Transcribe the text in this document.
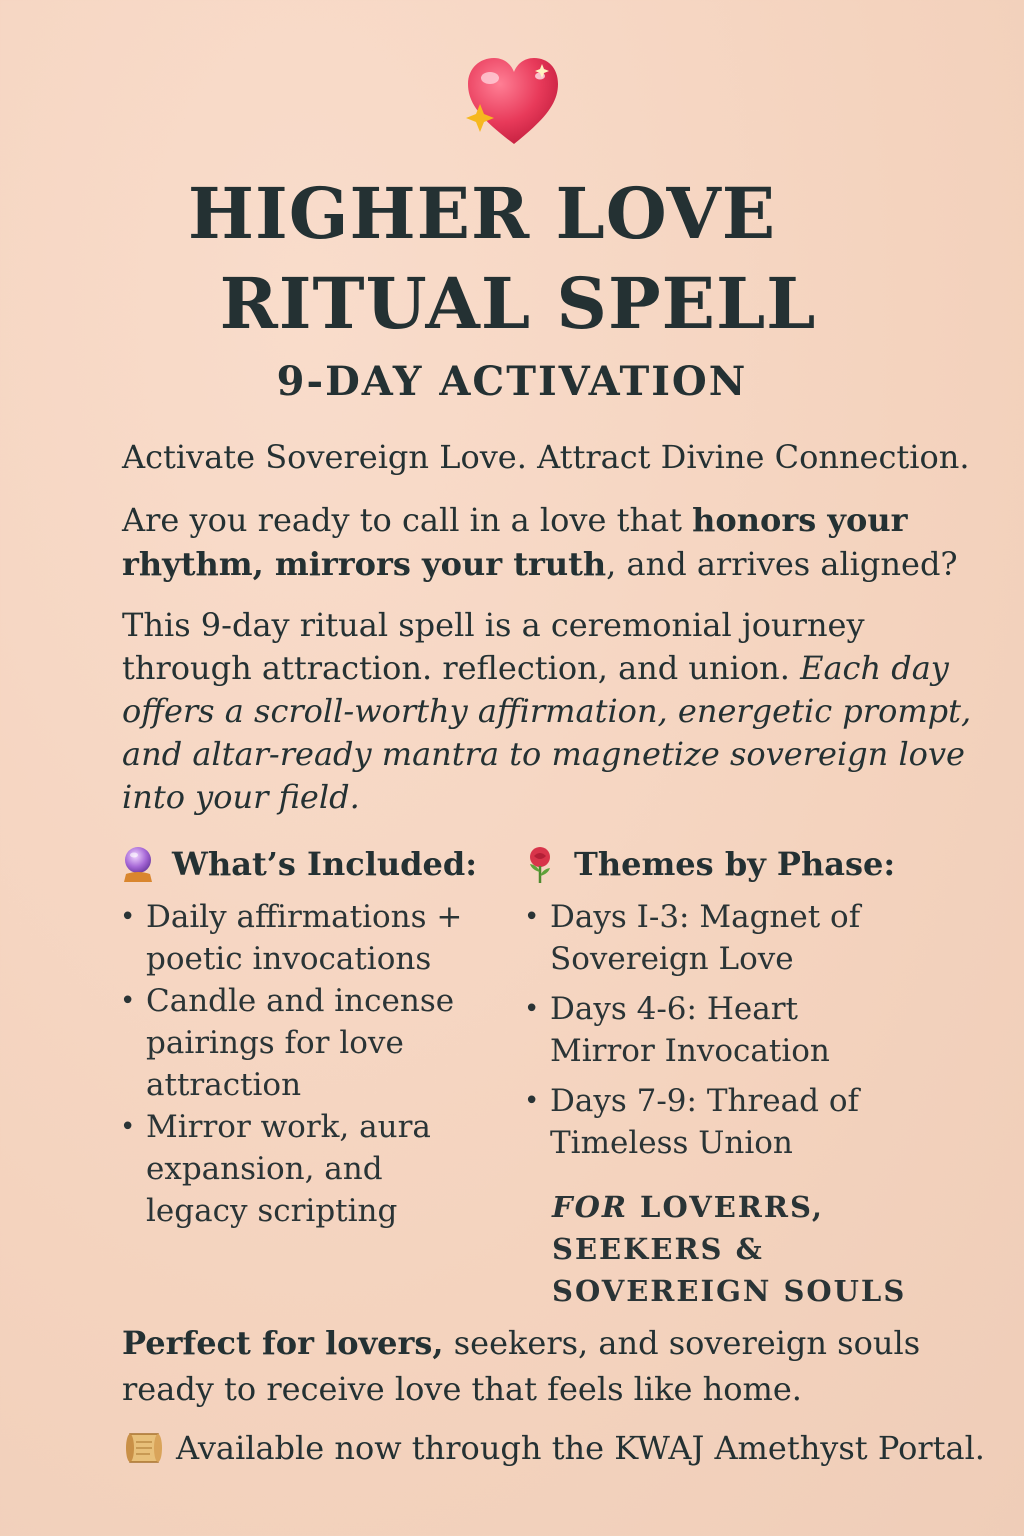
HIGHER LOVE
RITUAL SPELL
9-DAY ACTIVATION
Activate Sovereign Love. Attract Divine Connection.
Are you ready to call in a love that honors your rhythm, mirrors your truth, and arrives aligned?
This 9-day ritual spell is a ceremonial journey through attraction. reflection, and union. Each day offers a scroll-worthy affirmation, energetic prompt, and altar-ready mantra to magnetize sovereign love into your field.
What’s Included:
• Daily affirmations + poetic invocations
• Candle and incense pairings for love attraction
• Mirror work, aura expansion, and legacy scripting
Themes by Phase:
• Days I-3: Magnet of Sovereign Love
• Days 4-6: Heart Mirror Invocation
• Days 7-9: Thread of Timeless Union
FOR LOVERRS, SEEKERS & SOVEREIGN SOULS
Perfect for lovers, seekers, and sovereign souls ready to receive love that feels like home.
Available now through the KWAJ Amethyst Portal.
